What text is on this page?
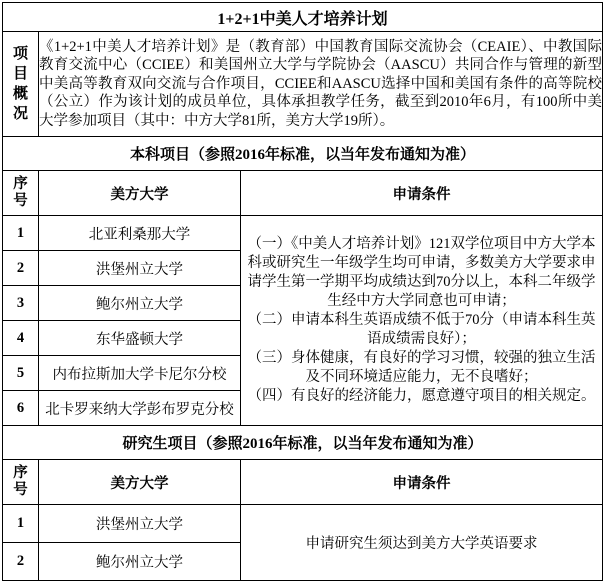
1+2+1中美人才培养计划		
项目概况	《1+2+1中美人才培养计划》是（教育部）中国教育国际交流协会（CEAIE）、中教国际教育交流中心（CCIEE）和美国州立大学与学院协会（AASCU）共同合作与管理的新型中美高等教育双向交流与合作项目，CCIEE和AASCU选择中国和美国有条件的高等院校（公立）作为该计划的成员单位，具体承担教学任务，截至到2010年6月，有100所中美大学参加项目（其中：中方大学81所，美方大学19所）。	
本科项目（参照2016年标准，以当年发布通知为准）		
序号	美方大学	申请条件
1	北亚利桑那大学	（一）《中美人才培养计划》121双学位项目中方大学本科或研究生一年级学生均可申请，多数美方大学要求申请学生第一学期平均成绩达到70分以上，本科二年级学生经中方大学同意也可申请；

（二）申请本科生英语成绩不低于70分（申请本科生英语成绩需良好）；

（三）身体健康，有良好的学习习惯，较强的独立生活及不同环境适应能力，无不良嗜好；

（四）有良好的经济能力，愿意遵守项目的相关规定。

2	洪堡州立大学	
3	鲍尔州立大学	
4	东华盛顿大学	
5	内布拉斯加大学卡尼尔分校	
6	北卡罗来纳大学彭布罗克分校	
研究生项目（参照2016年标准，以当年发布通知为准）		
序号	美方大学	申请条件
1	洪堡州立大学	申请研究生须达到美方大学英语要求
2	鲍尔州立大学	
